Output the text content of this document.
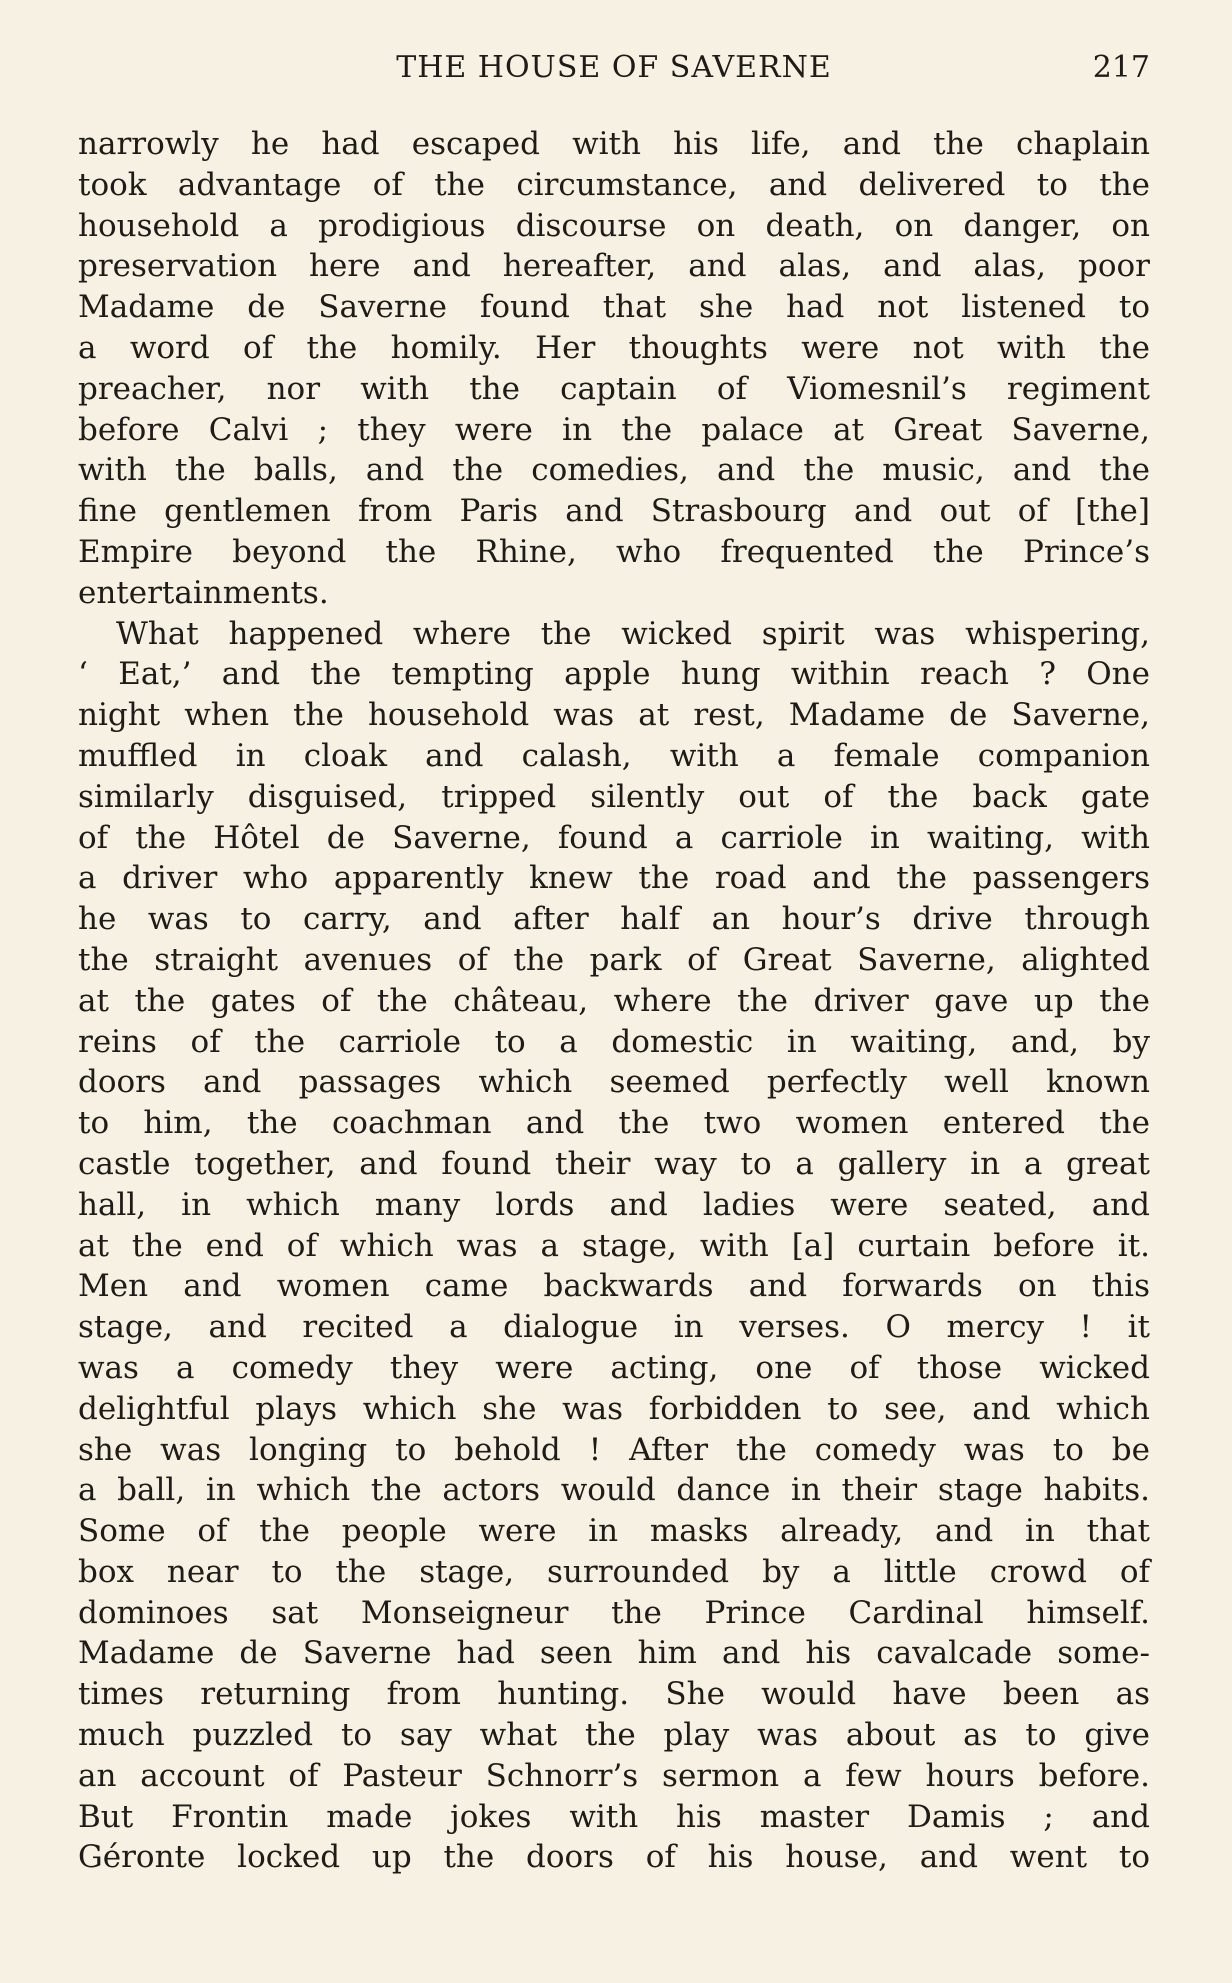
THE HOUSE OF SAVERNE	217
narrowly he had escaped with his life, and the chaplain
took advantage of the circumstance, and delivered to the
household a prodigious discourse on death, on danger, on
preservation here and hereafter, and alas, and alas, poor
Madame de Saverne found that she had not listened to
a word of the homily. Her thoughts were not with the
preacher, nor with the captain of Viomesnil’s regiment
before Calvi ; they were in the palace at Great Saverne,
with the balls, and the comedies, and the music, and the
fine gentlemen from Paris and Strasbourg and out of [the]
Empire beyond the Rhine, who frequented the Prince’s
entertainments.
What happened where the wicked spirit was whispering,
‘ Eat,’ and the tempting apple hung within reach ? One
night when the household was at rest, Madame de Saverne,
muffled in cloak and calash, with a female companion
similarly disguised, tripped silently out of the back gate
of the Hôtel de Saverne, found a carriole in waiting, with
a driver who apparently knew the road and the passengers
he was to carry, and after half an hour’s drive through
the straight avenues of the park of Great Saverne, alighted
at the gates of the château, where the driver gave up the
reins of the carriole to a domestic in waiting, and, by
doors and passages which seemed perfectly well known
to him, the coachman and the two women entered the
castle together, and found their way to a gallery in a great
hall, in which many lords and ladies were seated, and
at the end of which was a stage, with [a] curtain before it.
Men and women came backwards and forwards on this
stage, and recited a dialogue in verses. O mercy ! it
was a comedy they were acting, one of those wicked
delightful plays which she was forbidden to see, and which
she was longing to behold ! After the comedy was to be
a ball, in which the actors would dance in their stage habits.
Some of the people were in masks already, and in that
box near to the stage, surrounded by a little crowd of
dominoes sat Monseigneur the Prince Cardinal himself.
Madame de Saverne had seen him and his cavalcade some-
times returning from hunting. She would have been as
much puzzled to say what the play was about as to give
an account of Pasteur Schnorr’s sermon a few hours before.
But Frontin made jokes with his master Damis ; and
Géronte locked up the doors of his house, and went to
